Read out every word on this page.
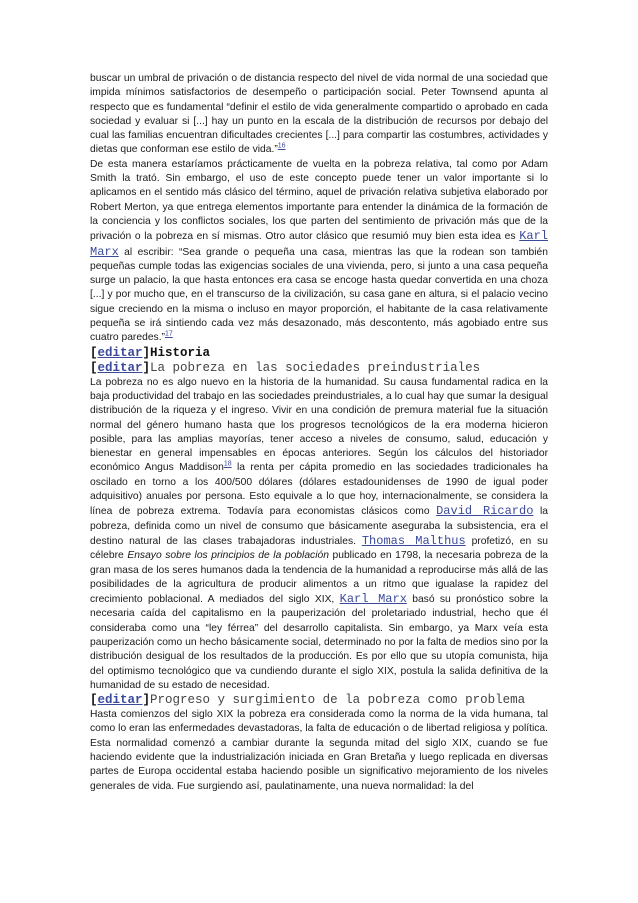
buscar un umbral de privación o de distancia respecto del nivel de vida normal de una sociedad que impida mínimos satisfactorios de desempeño o participación social. Peter Townsend apunta al respecto que es fundamental “definir el estilo de vida generalmente compartido o aprobado en cada sociedad y evaluar si [...] hay un punto en la escala de la distribución de recursos por debajo del cual las familias encuentran dificultades crecientes [...] para compartir las costumbres, actividades y dietas que conforman ese estilo de vida.”$^{16}$

De esta manera estaríamos prácticamente de vuelta en la pobreza relativa, tal como por Adam Smith la trató. Sin embargo, el uso de este concepto puede tener un valor importante si lo aplicamos en el sentido más clásico del término, aquel de privación relativa subjetiva elaborado por Robert Merton, ya que entrega elementos importante para entender la dinámica de la formación de la conciencia y los conflictos sociales, los que parten del sentimiento de privación más que de la privación o la pobreza en sí mismas. Otro autor clásico que resumió muy bien esta idea es Karl Marx al escribir: “Sea grande o pequeña una casa, mientras las que la rodean son también pequeñas cumple todas las exigencias sociales de una vivienda, pero, si junto a una casa pequeña surge un palacio, la que hasta entonces era casa se encoge hasta quedar convertida en una choza [...] y por mucho que, en el transcurso de la civilización, su casa gane en altura, si el palacio vecino sigue creciendo en la misma o incluso en mayor proporción, el habitante de la casa relativamente pequeña se irá sintiendo cada vez más desazonado, más descontento, más agobiado entre sus cuatro paredes.”$^{17}$

[editar]Historia
[editar]La pobreza en las sociedades preindustriales

La pobreza no es algo nuevo en la historia de la humanidad. Su causa fundamental radica en la baja productividad del trabajo en las sociedades preindustriales, a lo cual hay que sumar la desigual distribución de la riqueza y el ingreso. Vivir en una condición de premura material fue la situación normal del género humano hasta que los progresos tecnológicos de la era moderna hicieron posible, para las amplias mayorías, tener acceso a niveles de consumo, salud, educación y bienestar en general impensables en épocas anteriores. Según los cálculos del historiador económico Angus Maddison$^{18}$ la renta per cápita promedio en las sociedades tradicionales ha oscilado en torno a los 400/500 dólares (dólares estadounidenses de 1990 de igual poder adquisitivo) anuales por persona. Esto equivale a lo que hoy, internacionalmente, se considera la línea de pobreza extrema. Todavía para economistas clásicos como David Ricardo la pobreza, definida como un nivel de consumo que básicamente aseguraba la subsistencia, era el destino natural de las clases trabajadoras industriales. Thomas Malthus profetizó, en su célebre Ensayo sobre los principios de la población publicado en 1798, la necesaria pobreza de la gran masa de los seres humanos dada la tendencia de la humanidad a reproducirse más allá de las posibilidades de la agricultura de producir alimentos a un ritmo que igualase la rapidez del crecimiento poblacional. A mediados del siglo XIX, Karl Marx basó su pronóstico sobre la necesaria caída del capitalismo en la pauperización del proletariado industrial, hecho que él consideraba como una “ley férrea” del desarrollo capitalista. Sin embargo, ya Marx veía esta pauperización como un hecho básicamente social, determinado no por la falta de medios sino por la distribución desigual de los resultados de la producción. Es por ello que su utopía comunista, hija del optimismo tecnológico que va cundiendo durante el siglo XIX, postula la salida definitiva de la humanidad de su estado de necesidad.

[editar]Progreso y surgimiento de la pobreza como problema

Hasta comienzos del siglo XIX la pobreza era considerada como la norma de la vida humana, tal como lo eran las enfermedades devastadoras, la falta de educación o de libertad religiosa y política. Esta normalidad comenzó a cambiar durante la segunda mitad del siglo XIX, cuando se fue haciendo evidente que la industrialización iniciada en Gran Bretaña y luego replicada en diversas partes de Europa occidental estaba haciendo posible un significativo mejoramiento de los niveles generales de vida. Fue surgiendo así, paulatinamente, una nueva normalidad: la del
